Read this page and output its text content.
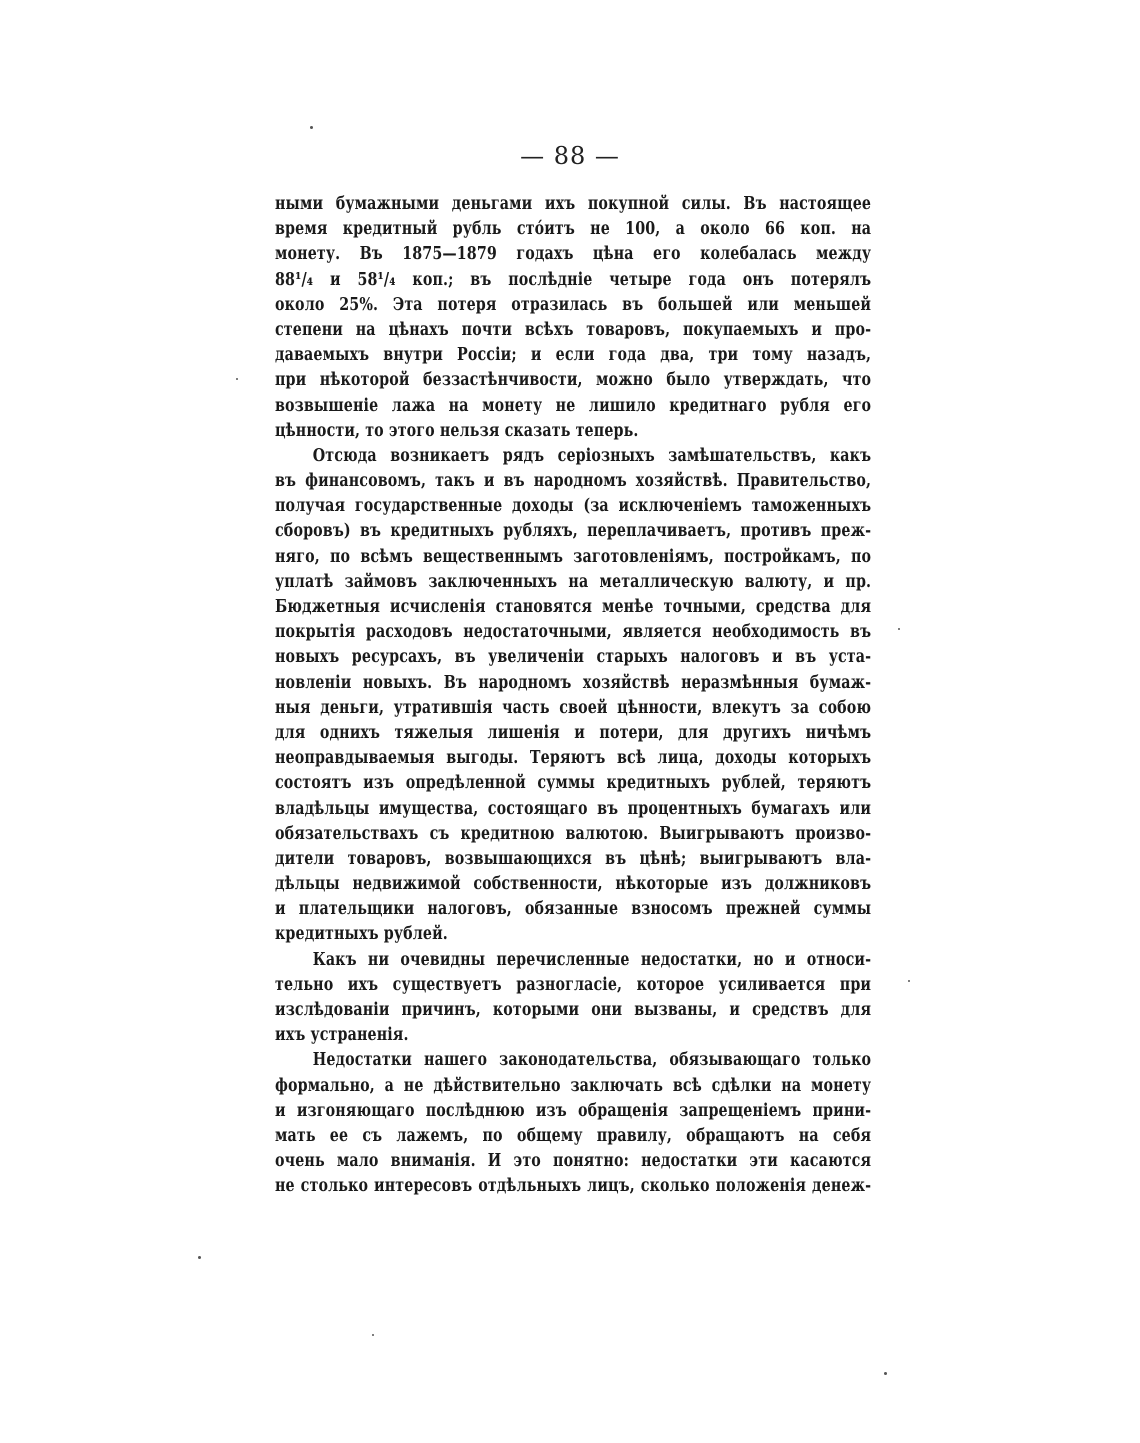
— 88 —
ными бумажными деньгами ихъ покупной силы. Въ настоящее
время кредитный рубль стóитъ не 100, а около 66 коп. на
монету. Въ 1875—1879 годахъ цѣна его колебалась между
88¹/₄ и 58¹/₄ коп.; въ послѣдніе четыре года онъ потерялъ
около 25%. Эта потеря отразилась въ большей или меньшей
степени на цѣнахъ почти всѣхъ товаровъ, покупаемыхъ и про-
даваемыхъ внутри Россіи; и если года два, три тому назадъ,
при нѣкоторой беззастѣнчивости, можно было утверждать, что
возвышеніе лажа на монету не лишило кредитнаго рубля его
цѣнности, то этого нельзя сказать теперь.
Отсюда возникаетъ рядъ серіозныхъ замѣшательствъ, какъ
въ финансовомъ, такъ и въ народномъ хозяйствѣ. Правительство,
получая государственные доходы (за исключеніемъ таможенныхъ
сборовъ) въ кредитныхъ рубляхъ, переплачиваетъ, противъ преж-
няго, по всѣмъ вещественнымъ заготовленіямъ, постройкамъ, по
уплатѣ займовъ заключенныхъ на металлическую валюту, и пр.
Бюджетныя исчисленія становятся менѣе точными, средства для
покрытія расходовъ недостаточными, является необходимость въ
новыхъ ресурсахъ, въ увеличеніи старыхъ налоговъ и въ уста-
новленіи новыхъ. Въ народномъ хозяйствѣ неразмѣнныя бумаж-
ныя деньги, утратившія часть своей цѣнности, влекутъ за собою
для однихъ тяжелыя лишенія и потери, для другихъ ничѣмъ
неоправдываемыя выгоды. Теряютъ всѣ лица, доходы которыхъ
состоятъ изъ опредѣленной суммы кредитныхъ рублей, теряютъ
владѣльцы имущества, состоящаго въ процентныхъ бумагахъ или
обязательствахъ съ кредитною валютою. Выигрываютъ произво-
дители товаровъ, возвышающихся въ цѣнѣ; выигрываютъ вла-
дѣльцы недвижимой собственности, нѣкоторые изъ должниковъ
и плательщики налоговъ, обязанные взносомъ прежней суммы
кредитныхъ рублей.
Какъ ни очевидны перечисленные недостатки, но и относи-
тельно ихъ существуетъ разногласіе, которое усиливается при
изслѣдованіи причинъ, которыми они вызваны, и средствъ для
ихъ устраненія.
Недостатки нашего законодательства, обязывающаго только
формально, а не дѣйствительно заключать всѣ сдѣлки на монету
и изгоняющаго послѣднюю изъ обращенія запрещеніемъ прини-
мать ее съ лажемъ, по общему правилу, обращаютъ на себя
очень мало вниманія. И это понятно: недостатки эти касаются
не столько интересовъ отдѣльныхъ лицъ, сколько положенія денеж-
